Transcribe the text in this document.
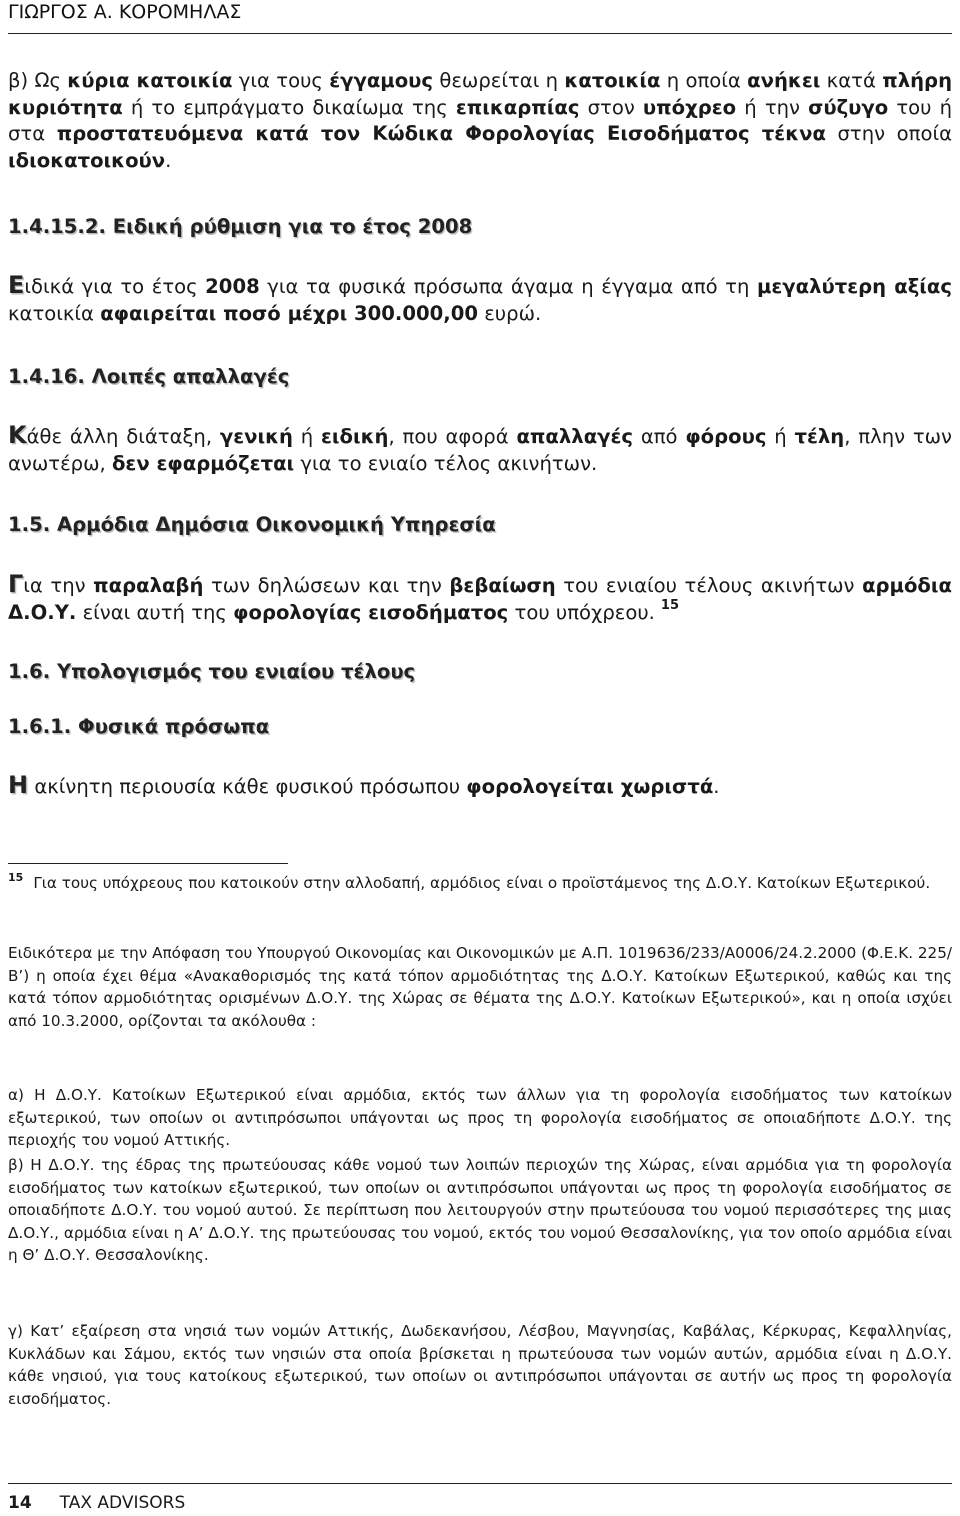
ΓΙΩΡΓΟΣ Α. ΚΟΡΟΜΗΛΑΣ

β) Ως κύρια κατοικία για τους έγγαμους θεωρείται η κατοικία η οποία ανήκει κατά πλήρη κυριότητα ή το εμπράγματο δικαίωμα της επικαρπίας στον υπόχρεο ή την σύζυγο του ή στα προστατευόμενα κατά τον Κώδικα Φορολογίας Εισοδήματος τέκνα στην οποία ιδιοκατοικούν.

1.4.15.2. Ειδική ρύθμιση για το έτος 2008

Ειδικά για το έτος 2008 για τα φυσικά πρόσωπα άγαμα η έγγαμα από τη μεγαλύτερη αξίας κατοικία αφαιρείται ποσό μέχρι 300.000,00 ευρώ.

1.4.16. Λοιπές απαλλαγές

Κάθε άλλη διάταξη, γενική ή ειδική, που αφορά απαλλαγές από φόρους ή τέλη, πλην των ανωτέρω, δεν εφαρμόζεται για το ενιαίο τέλος ακινήτων.

1.5. Αρμόδια Δημόσια Οικονομική Υπηρεσία

Για την παραλαβή των δηλώσεων και την βεβαίωση του ενιαίου τέλους ακινήτων αρμόδια Δ.Ο.Υ. είναι αυτή της φορολογίας εισοδήματος του υπόχρεου. $^{15}$

1.6. Υπολογισμός του ενιαίου τέλους
1.6.1. Φυσικά πρόσωπα

Η ακίνητη περιουσία κάθε φυσικού πρόσωπου φορολογείται χωριστά.

$^{15}$ Για τους υπόχρεους που κατοικούν στην αλλοδαπή, αρμόδιος είναι ο προϊστάμενος της Δ.Ο.Υ. Κατοίκων Εξωτερικού.

Ειδικότερα με την Απόφαση του Υπουργού Οικονομίας και Οικονομικών με Α.Π. 1019636/233/Α0006/24.2.2000 (Φ.Ε.Κ. 225/Β’) η οποία έχει θέμα «Ανακαθορισμός της κατά τόπον αρμοδιότητας της Δ.Ο.Υ. Κατοίκων Εξωτερικού, καθώς και της κατά τόπον αρμοδιότητας ορισμένων Δ.Ο.Υ. της Χώρας σε θέματα της Δ.Ο.Υ. Κατοίκων Εξωτερικού», και η οποία ισχύει από 10.3.2000, ορίζονται τα ακόλουθα :

α) Η Δ.Ο.Υ. Κατοίκων Εξωτερικού είναι αρμόδια, εκτός των άλλων για τη φορολογία εισοδήματος των κατοίκων εξωτερικού, των οποίων οι αντιπρόσωποι υπάγονται ως προς τη φορολογία εισοδήματος σε οποιαδήποτε Δ.Ο.Υ. της περιοχής του νομού Αττικής.

β) Η Δ.Ο.Υ. της έδρας της πρωτεύουσας κάθε νομού των λοιπών περιοχών της Χώρας, είναι αρμόδια για τη φορολογία εισοδήματος των κατοίκων εξωτερικού, των οποίων οι αντιπρόσωποι υπάγονται ως προς τη φορολογία εισοδήματος σε οποιαδήποτε Δ.Ο.Υ. του νομού αυτού. Σε περίπτωση που λειτουργούν στην πρωτεύουσα του νομού περισσότερες της μιας Δ.Ο.Υ., αρμόδια είναι η Α’ Δ.Ο.Υ. της πρωτεύουσας του νομού, εκτός του νομού Θεσσαλονίκης, για τον οποίο αρμόδια είναι η Θ’ Δ.Ο.Υ. Θεσσαλονίκης.

γ) Κατ’ εξαίρεση στα νησιά των νομών Αττικής, Δωδεκανήσου, Λέσβου, Μαγνησίας, Καβάλας, Κέρκυρας, Κεφαλληνίας, Κυκλάδων και Σάμου, εκτός των νησιών στα οποία βρίσκεται η πρωτεύουσα των νομών αυτών, αρμόδια είναι η Δ.Ο.Υ. κάθε νησιού, για τους κατοίκους εξωτερικού, των οποίων οι αντιπρόσωποι υπάγονται σε αυτήν ως προς τη φορολογία εισοδήματος.

14 TAX ADVISORS
